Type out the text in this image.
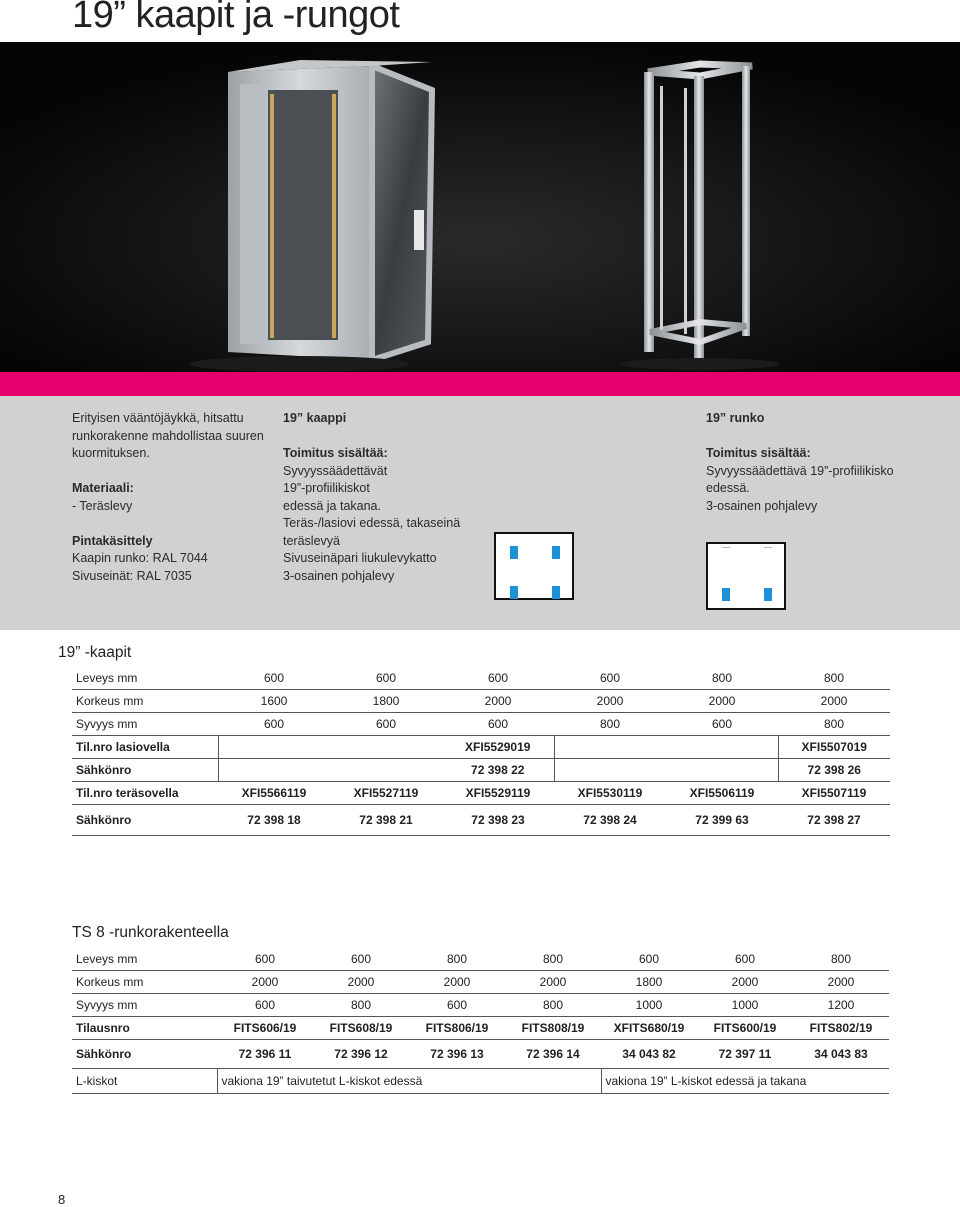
19” kaapit ja -rungot
Erityisen vääntöjäykkä, hitsattu
runkorakenne mahdollistaa suuren
kuormituksen.
Materiaali:
- Teräslevy
Pintakäsittely
Kaapin runko: RAL 7044
Sivuseinät: RAL 7035
19” kaappi
Toimitus sisältää:
Syvyyssäädettävät
19”-profiilikiskot
edessä ja takana.
Teräs-/lasiovi edessä, takaseinä
teräslevyä
Sivuseinäpari liukulevykatto
3-osainen pohjalevy
19” runko
Toimitus sisältää:
Syvyyssäädettävä 19”-profiilikisko
edessä.
3-osainen pohjalevy
19” -kaapit
Leveys mm	600	600	600	600	800	800
Korkeus mm	1600	1800	2000	2000	2000	2000
Syvyys mm	600	600	600	800	600	800
Til.nro lasiovella			XFI5529019			XFI5507019
Sähkönro			72 398 22			72 398 26
Til.nro teräsovella	XFI5566119	XFI5527119	XFI5529119	XFI5530119	XFI5506119	XFI5507119
Sähkönro	72 398 18	72 398 21	72 398 23	72 398 24	72 399 63	72 398 27
TS 8 -runkorakenteella
Leveys mm	600	600	800	800	600	600	800
Korkeus mm	2000	2000	2000	2000	1800	2000	2000
Syvyys mm	600	800	600	800	1000	1000	1200
Tilausnro	FITS606/19	FITS608/19	FITS806/19	FITS808/19	XFITS680/19	FITS600/19	FITS802/19
Sähkönro	72 396 11	72 396 12	72 396 13	72 396 14	34 043 82	72 397 11	34 043 83
L-kiskot	vakiona 19” taivutetut L-kiskot edessä				vakiona 19” L-kiskot edessä ja takana		
8
